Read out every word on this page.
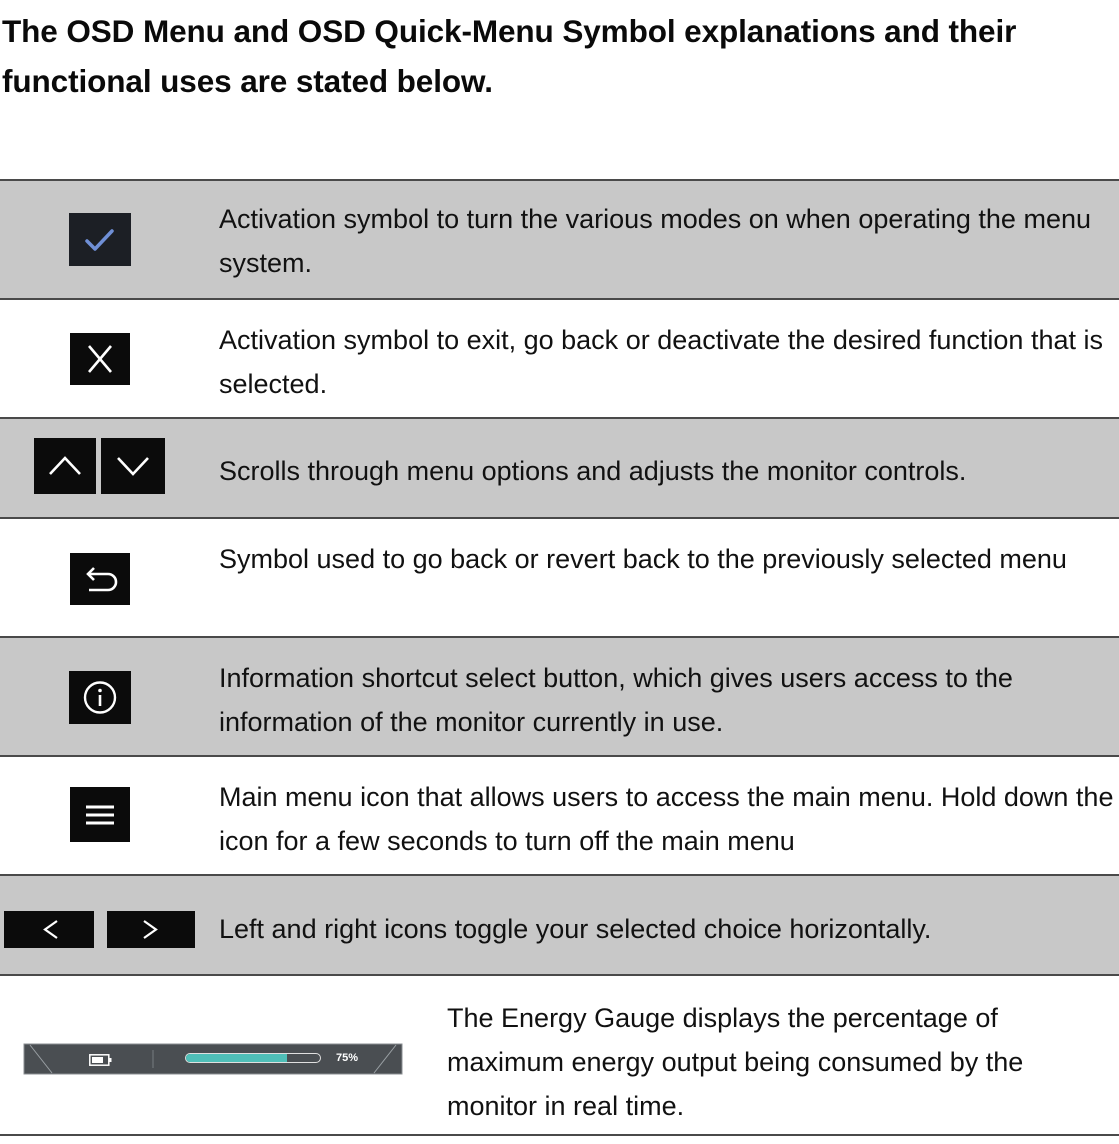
The OSD Menu and OSD Quick-Menu Symbol explanations and their functional uses are stated below.

Activation symbol to turn the various modes on when operating the menu system.

Activation symbol to exit, go back or deactivate the desired function that is selected.

Scrolls through menu options and adjusts the monitor controls.

Symbol used to go back or revert back to the previously selected menu

Information shortcut select button, which gives users access to the information of the monitor currently in use.

Main menu icon that allows users to access the main menu. Hold down the icon for a few seconds to turn off the main menu

Left and right icons toggle your selected choice horizontally.

75%

The Energy Gauge displays the percentage of maximum energy output being consumed by the monitor in real time.
